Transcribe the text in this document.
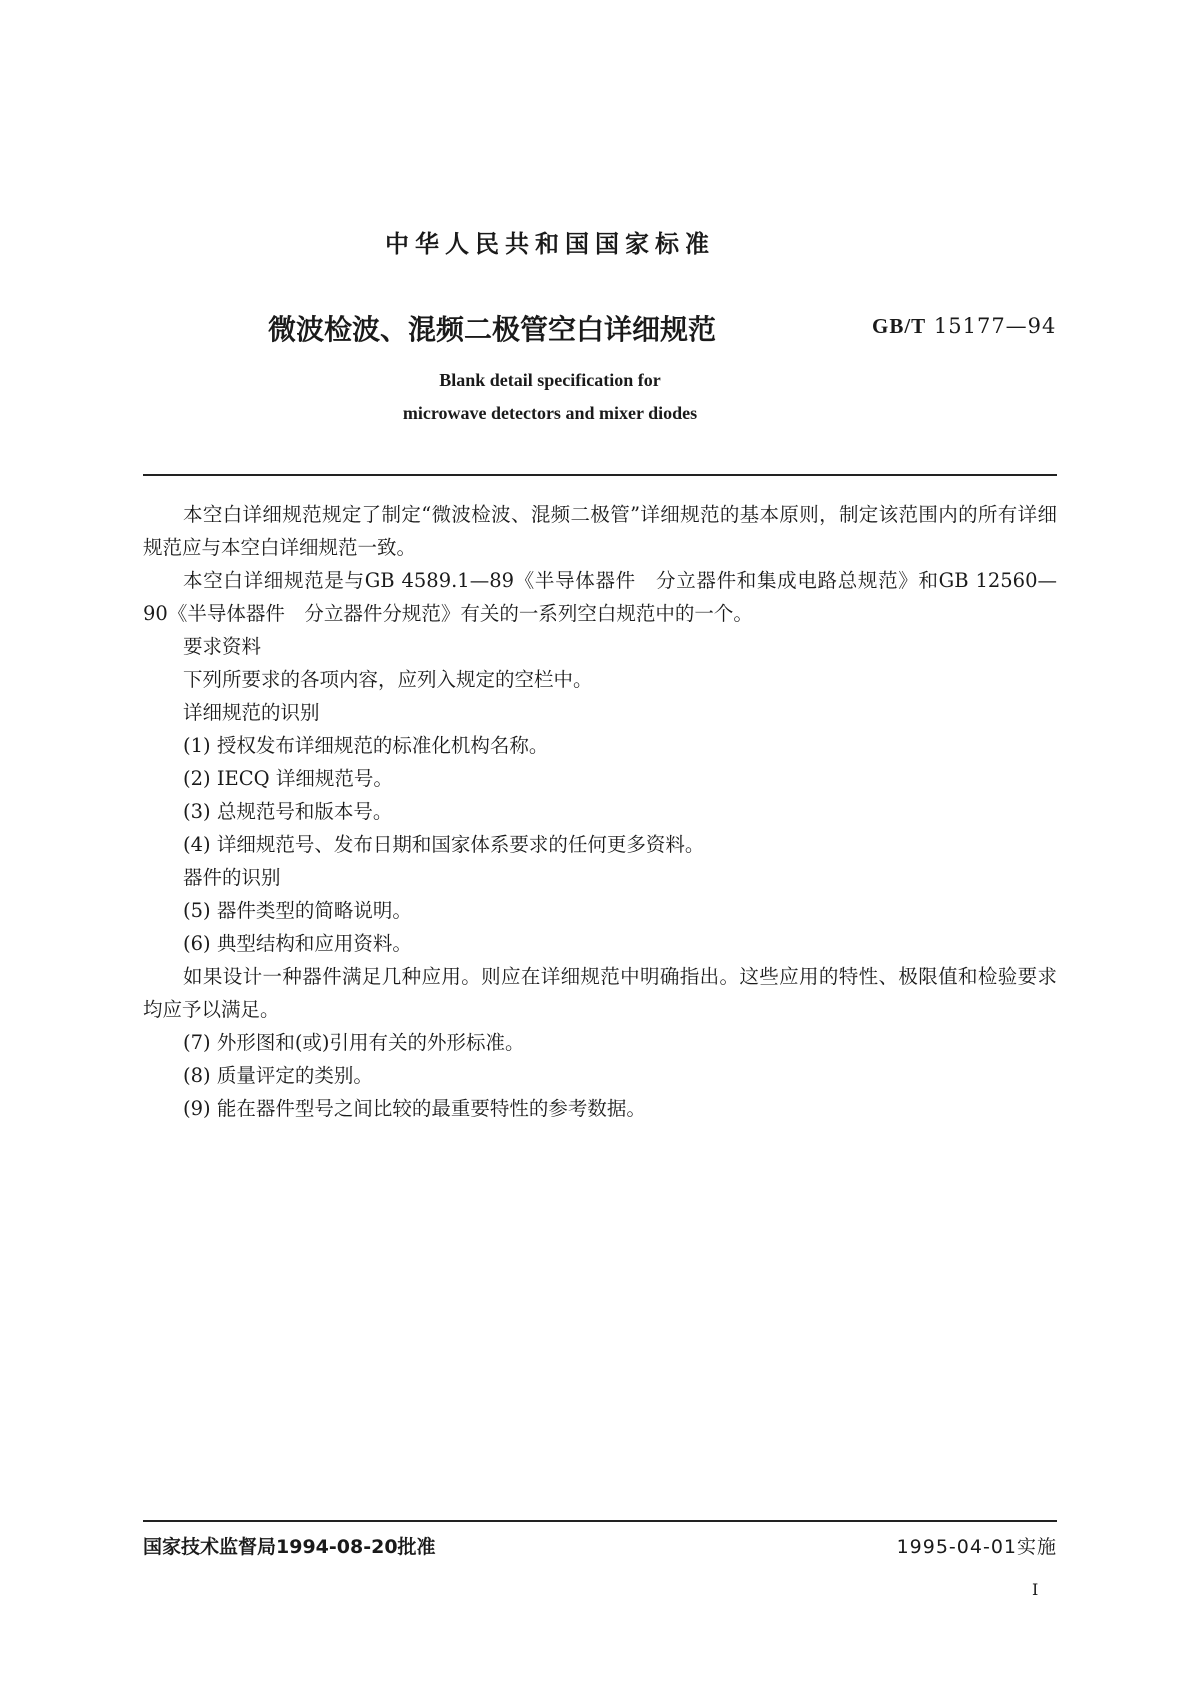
中华人民共和国国家标准
微波检波、混频二极管空白详细规范	GB/T 15177—94
Blank detail specification for
microwave detectors and mixer diodes

本空白详细规范规定了制定“微波检波、混频二极管”详细规范的基本原则，制定该范围内的所有详细规范应与本空白详细规范一致。

本空白详细规范是与GB 4589.1—89《半导体器件　分立器件和集成电路总规范》和GB 12560—90《半导体器件　分立器件分规范》有关的一系列空白规范中的一个。

要求资料

下列所要求的各项内容，应列入规定的空栏中。

详细规范的识别

(1) 授权发布详细规范的标准化机构名称。

(2) IECQ 详细规范号。

(3) 总规范号和版本号。

(4) 详细规范号、发布日期和国家体系要求的任何更多资料。

器件的识别

(5) 器件类型的简略说明。

(6) 典型结构和应用资料。

如果设计一种器件满足几种应用。则应在详细规范中明确指出。这些应用的特性、极限值和检验要求均应予以满足。

(7) 外形图和(或)引用有关的外形标准。

(8) 质量评定的类别。

(9) 能在器件型号之间比较的最重要特性的参考数据。

国家技术监督局1994-08-20批准	1995-04-01实施
I
